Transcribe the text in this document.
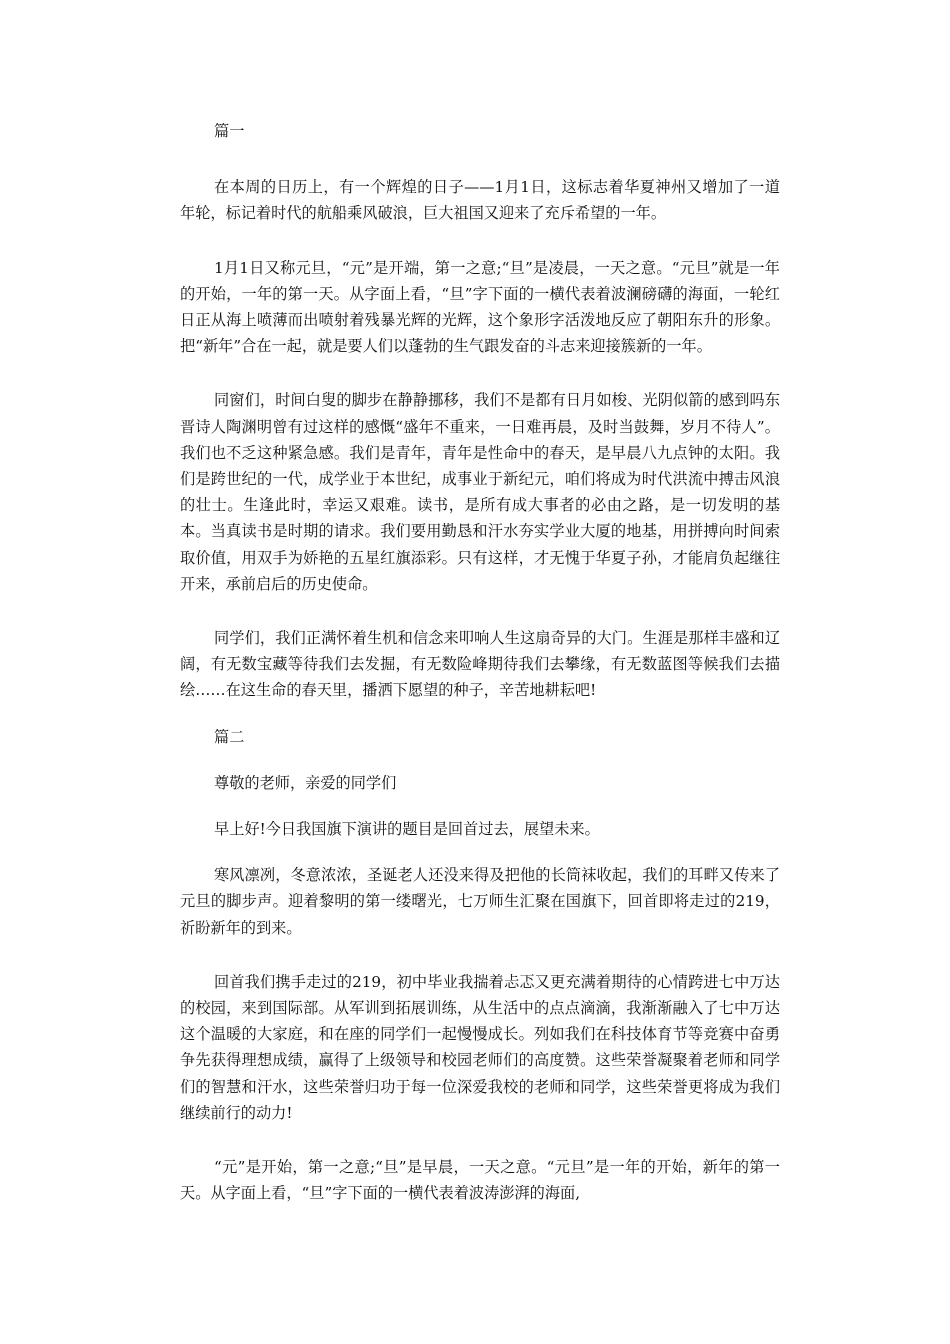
篇一

在本周的日历上，有一个辉煌的日子——1月1日，这标志着华夏神州又增加了一道年轮，标记着时代的航船乘风破浪，巨大祖国又迎来了充斥希望的一年。

1月1日又称元旦，“元”是开端，第一之意;“旦”是凌晨，一天之意。“元旦”就是一年的开始，一年的第一天。从字面上看，“旦”字下面的一横代表着波澜磅礴的海面，一轮红日正从海上喷薄而出喷射着残暴光辉的光辉，这个象形字活泼地反应了朝阳东升的形象。把“新年”合在一起，就是要人们以蓬勃的生气跟发奋的斗志来迎接簇新的一年。

同窗们，时间白叟的脚步在静静挪移，我们不是都有日月如梭、光阴似箭的感到吗东晋诗人陶渊明曾有过这样的感慨“盛年不重来，一日难再晨，及时当鼓舞，岁月不待人”。我们也不乏这种紧急感。我们是青年，青年是性命中的春天，是早晨八九点钟的太阳。我们是跨世纪的一代，成学业于本世纪，成事业于新纪元，咱们将成为时代洪流中搏击风浪的壮士。生逢此时，幸运又艰难。读书，是所有成大事者的必由之路，是一切发明的基本。当真读书是时期的请求。我们要用勤恳和汗水夯实学业大厦的地基，用拼搏向时间索取价值，用双手为娇艳的五星红旗添彩。只有这样，才无愧于华夏子孙，才能肩负起继往开来，承前启后的历史使命。

同学们，我们正满怀着生机和信念来叩响人生这扇奇异的大门。生涯是那样丰盛和辽阔，有无数宝藏等待我们去发掘，有无数险峰期待我们去攀缘，有无数蓝图等候我们去描绘……在这生命的春天里，播洒下愿望的种子，辛苦地耕耘吧!

篇二

尊敬的老师，亲爱的同学们

早上好!今日我国旗下演讲的题目是回首过去，展望未来。

寒风凛冽，冬意浓浓，圣诞老人还没来得及把他的长筒袜收起，我们的耳畔又传来了元旦的脚步声。迎着黎明的第一缕曙光，七万师生汇聚在国旗下，回首即将走过的219，祈盼新年的到来。

回首我们携手走过的219，初中毕业我揣着忐忑又更充满着期待的心情跨进七中万达的校园，来到国际部。从军训到拓展训练，从生活中的点点滴滴，我渐渐融入了七中万达这个温暖的大家庭，和在座的同学们一起慢慢成长。列如我们在科技体育节等竞赛中奋勇争先获得理想成绩，赢得了上级领导和校园老师们的高度赞。这些荣誉凝聚着老师和同学们的智慧和汗水，这些荣誉归功于每一位深爱我校的老师和同学，这些荣誉更将成为我们继续前行的动力!

“元”是开始，第一之意;“旦”是早晨，一天之意。“元旦”是一年的开始，新年的第一天。从字面上看，“旦”字下面的一横代表着波涛澎湃的海面,
